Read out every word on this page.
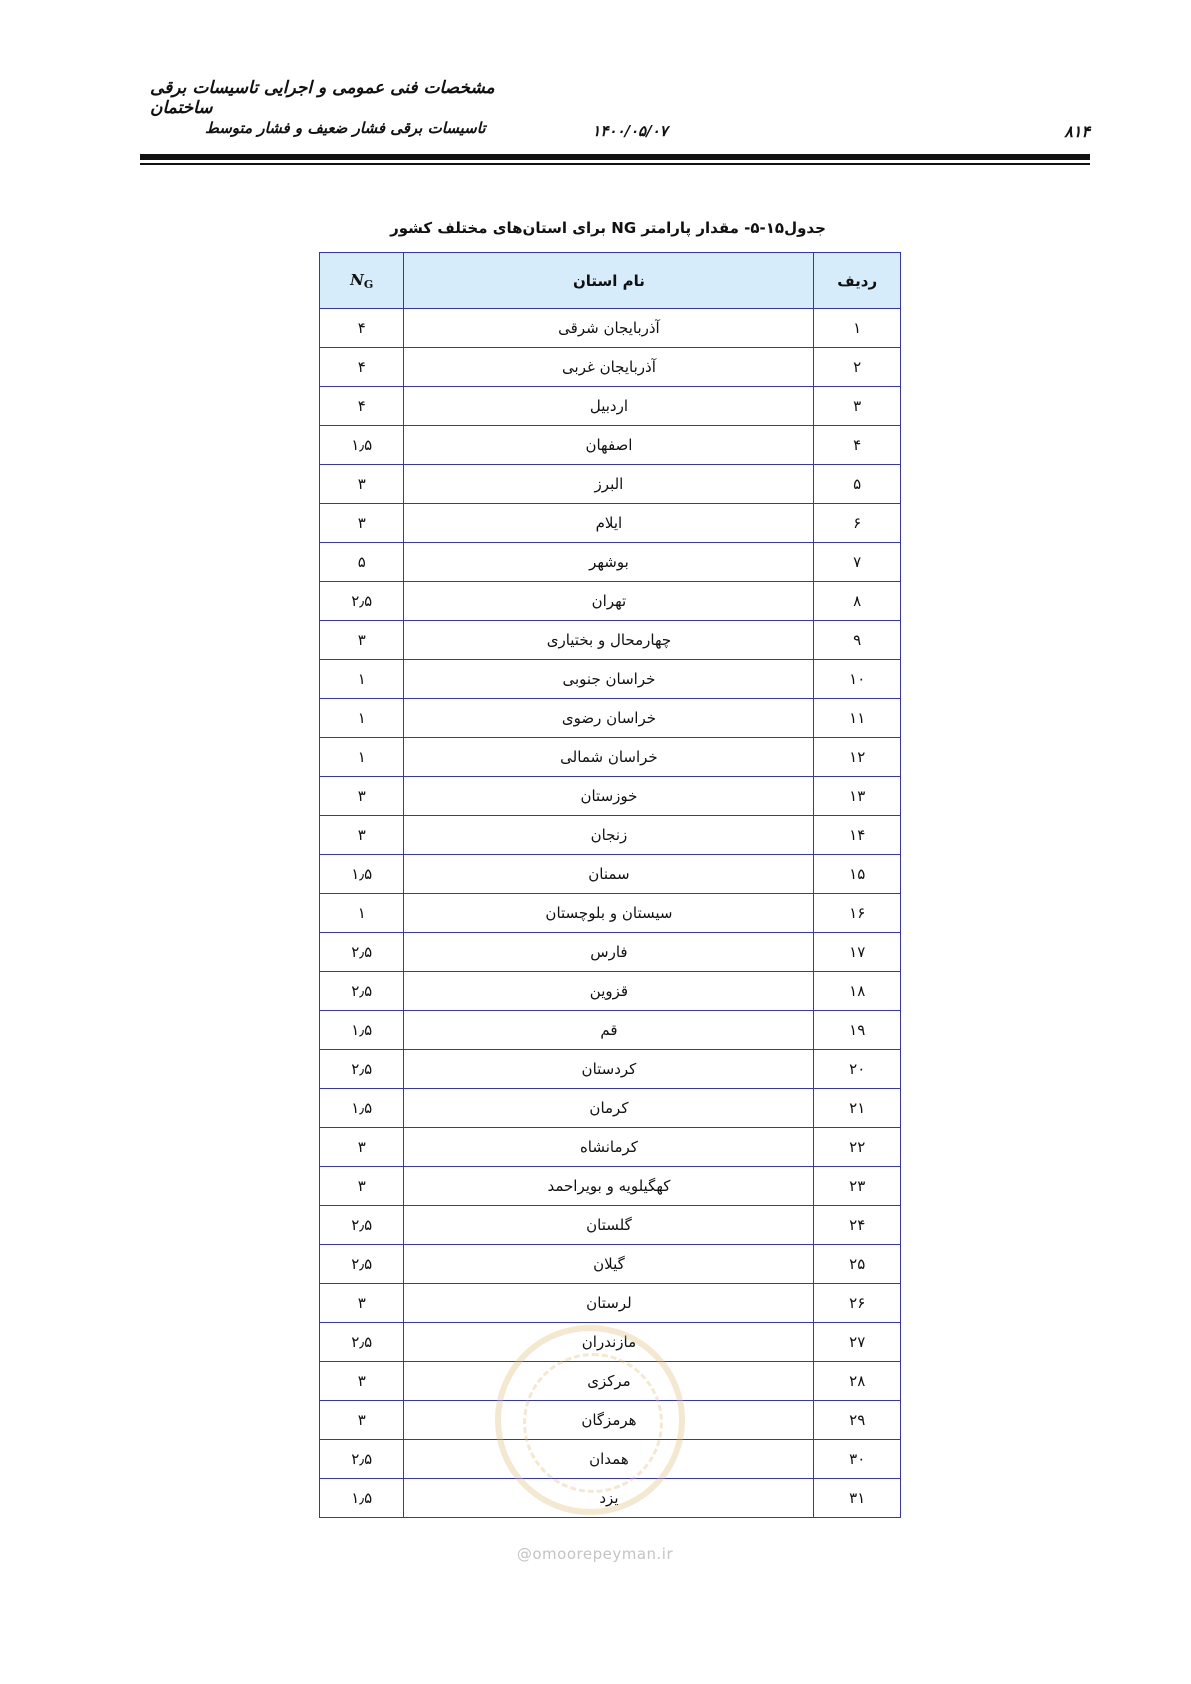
مشخصات فنی عمومی و اجرایی تاسیسات برقی ساختمان
تاسیسات برقی فشار ضعیف و فشار متوسط	۱۴۰۰/۰۵/۰۷	۸۱۴
جدول۱۵-۵- مقدار پارامتر NG برای استان‌های مختلف کشور
ردیف	نام استان	$N_G$
۱	آذربایجان شرقی	۴
۲	آذربایجان غربی	۴
۳	اردبیل	۴
۴	اصفهان	۱٫۵
۵	البرز	۳
۶	ایلام	۳
۷	بوشهر	۵
۸	تهران	۲٫۵
۹	چهارمحال و بختیاری	۳
۱۰	خراسان جنوبی	۱
۱۱	خراسان رضوی	۱
۱۲	خراسان شمالی	۱
۱۳	خوزستان	۳
۱۴	زنجان	۳
۱۵	سمنان	۱٫۵
۱۶	سیستان و بلوچستان	۱
۱۷	فارس	۲٫۵
۱۸	قزوین	۲٫۵
۱۹	قم	۱٫۵
۲۰	کردستان	۲٫۵
۲۱	کرمان	۱٫۵
۲۲	کرمانشاه	۳
۲۳	کهگیلویه و بویراحمد	۳
۲۴	گلستان	۲٫۵
۲۵	گیلان	۲٫۵
۲۶	لرستان	۳
۲۷	مازندران	۲٫۵
۲۸	مرکزی	۳
۲۹	هرمزگان	۳
۳۰	همدان	۲٫۵
۳۱	یزد	۱٫۵
@omoorepeyman.ir
